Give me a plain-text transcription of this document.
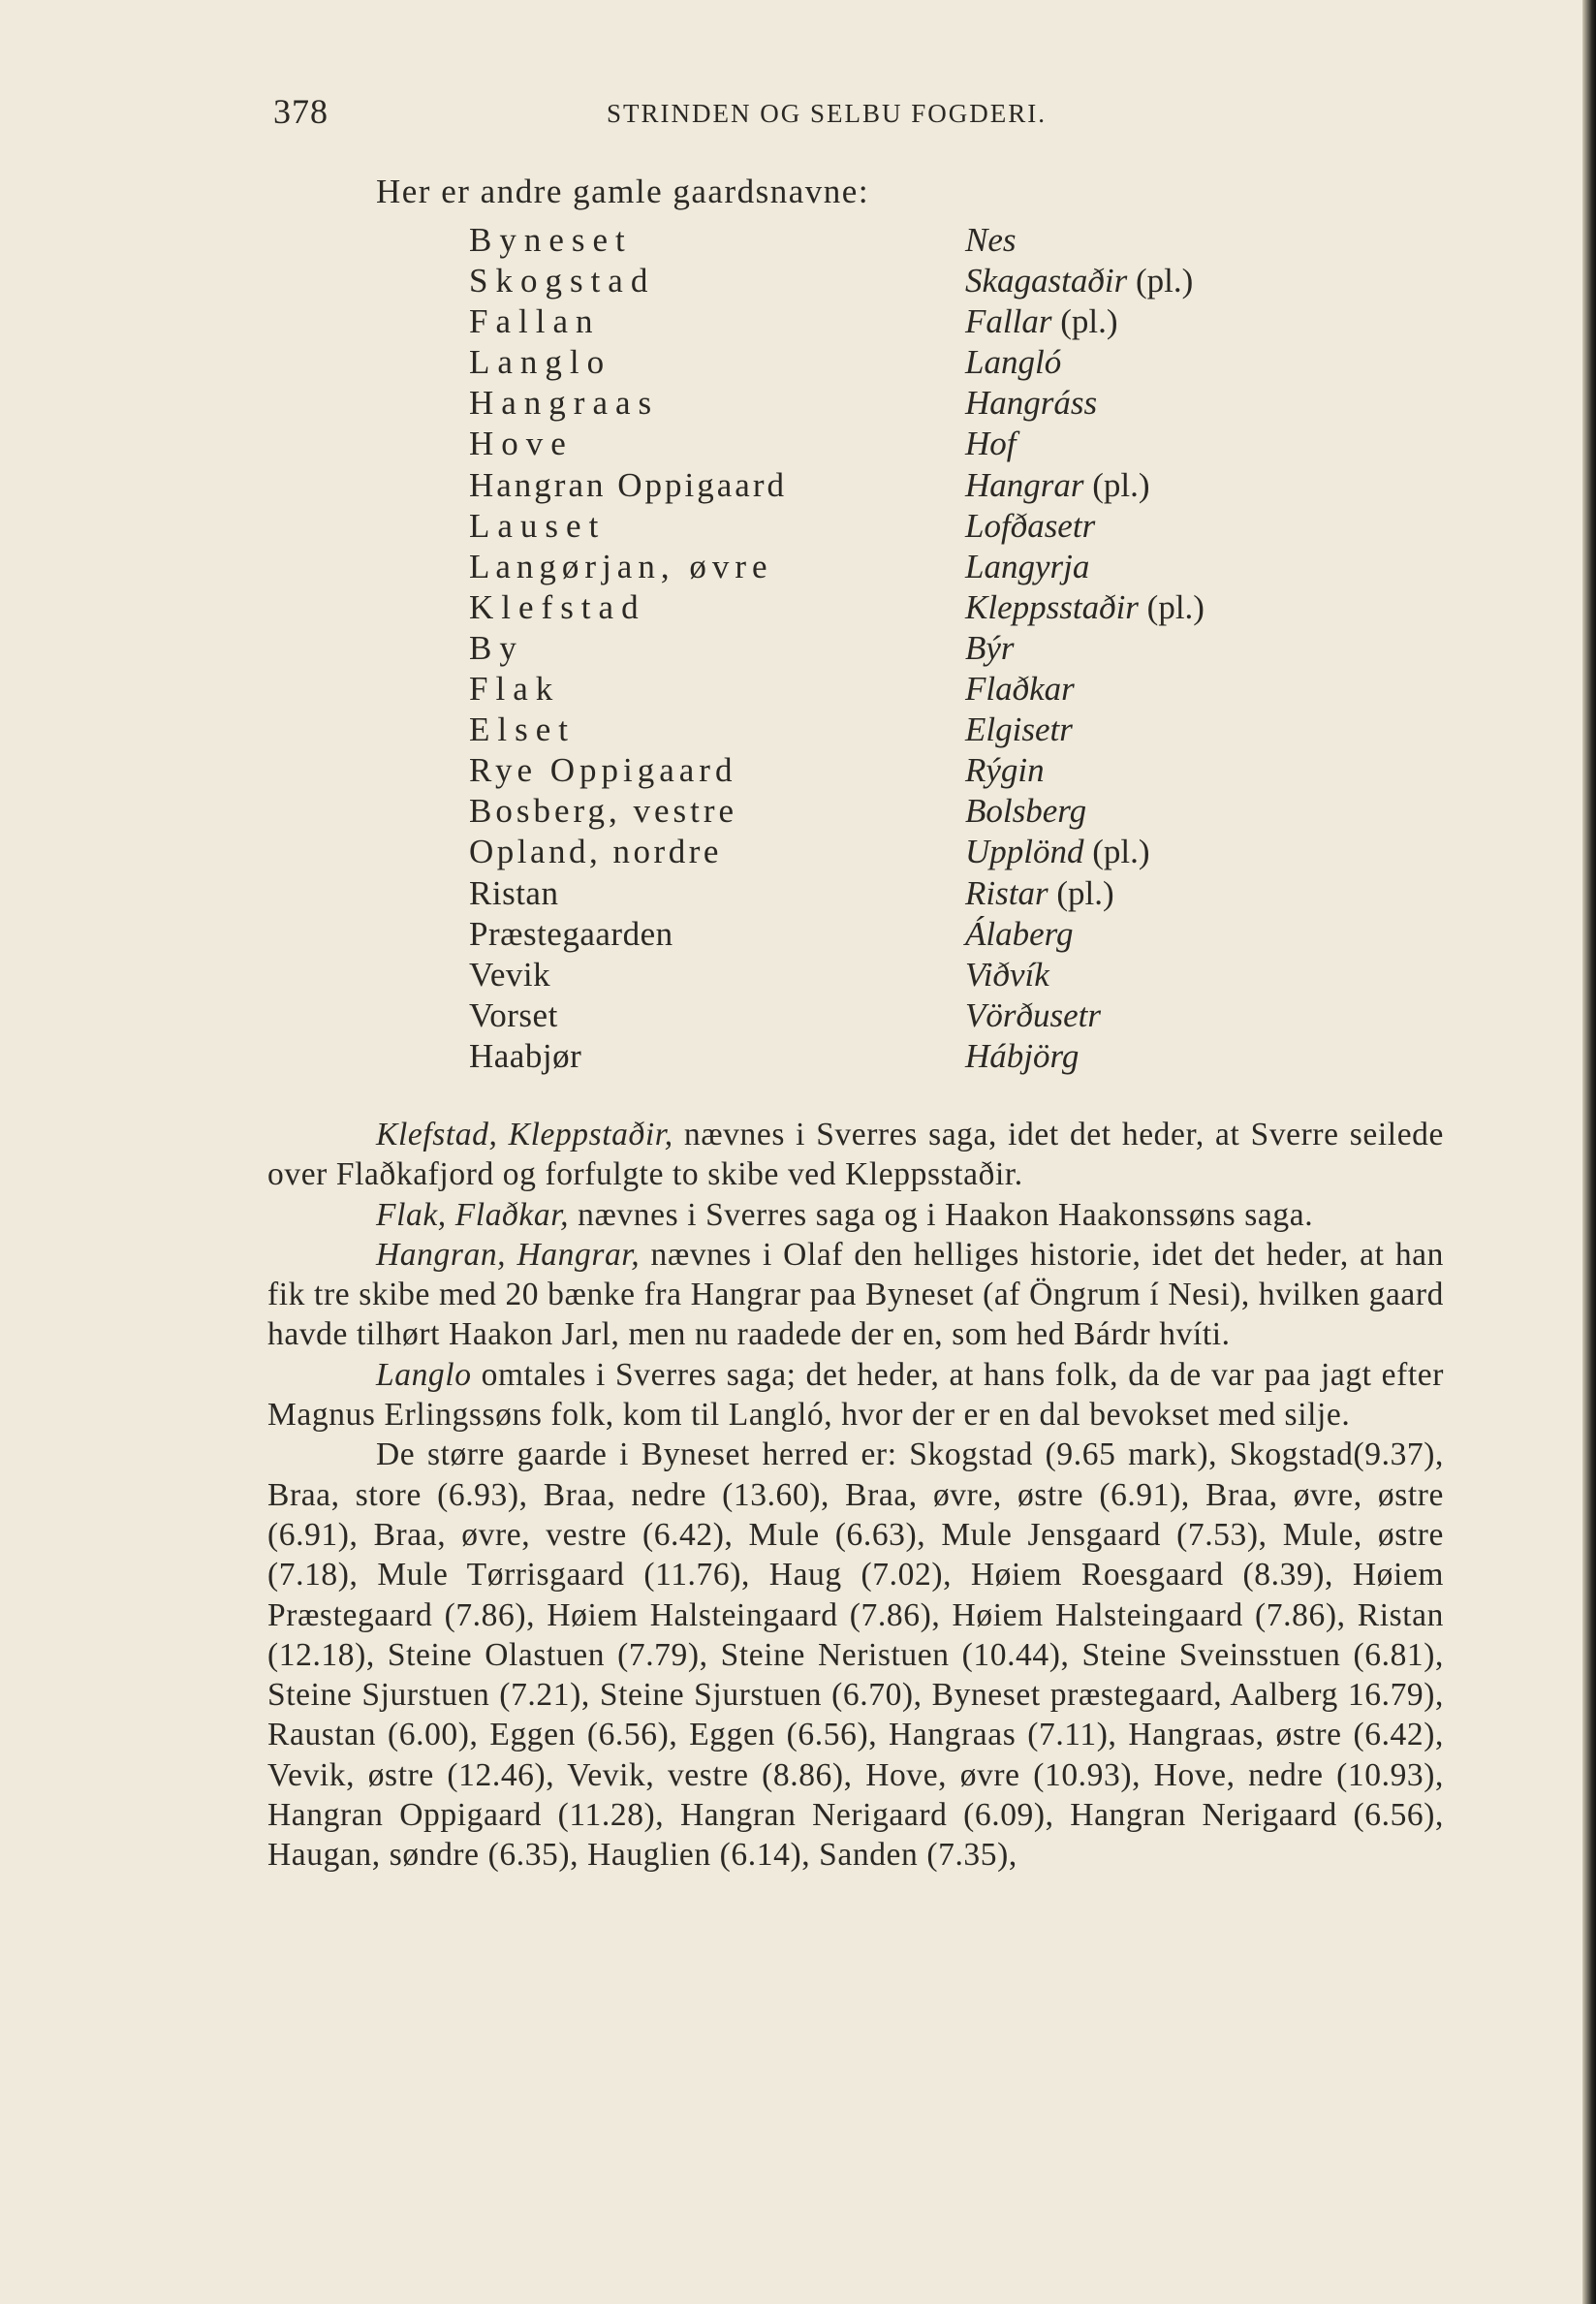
378	STRINDEN OG SELBU FOGDERI.
Her er andre gamle gaardsnavne:
Byneset	Nes
Skogstad	Skagastaðir (pl.)
Fallan	Fallar (pl.)
Langlo	Langló
Hangraas	Hangráss
Hove	Hof
Hangran Oppigaard	Hangrar (pl.)
Lauset	Lofðasetr
Langørjan, øvre	Langyrja
Klefstad	Kleppsstaðir (pl.)
By	Býr
Flak	Flaðkar
Elset	Elgisetr
Rye Oppigaard	Rýgin
Bosberg, vestre	Bolsberg
Opland, nordre	Upplönd (pl.)
Ristan	Ristar (pl.)
Præstegaarden	Álaberg
Vevik	Viðvík
Vorset	Vörðusetr
Haabjør	Hábjörg

Klefstad, Kleppstaðir, nævnes i Sverres saga, idet det heder, at Sverre seilede over Flaðkafjord og forfulgte to skibe ved Kleppsstaðir.

Flak, Flaðkar, nævnes i Sverres saga og i Haakon Haakonssøns saga.

Hangran, Hangrar, nævnes i Olaf den helliges historie, idet det heder, at han fik tre skibe med 20 bænke fra Hangrar paa Byneset (af Öngrum í Nesi), hvilken gaard havde tilhørt Haakon Jarl, men nu raadede der en, som hed Bárdr hvíti.

Langlo omtales i Sverres saga; det heder, at hans folk, da de var paa jagt efter Magnus Erlingssøns folk, kom til Langló, hvor der er en dal bevokset med silje.

De større gaarde i Byneset herred er: Skogstad (9.65 mark), Skogstad(9.37), Braa, store (6.93), Braa, nedre (13.60), Braa, øvre, østre (6.91), Braa, øvre, østre (6.91), Braa, øvre, vestre (6.42), Mule (6.63), Mule Jensgaard (7.53), Mule, østre (7.18), Mule Tørrisgaard (11.76), Haug (7.02), Høiem Roesgaard (8.39), Høiem Præstegaard (7.86), Høiem Halsteingaard (7.86), Høiem Halsteingaard (7.86), Ristan (12.18), Steine Olastuen (7.79), Steine Neristuen (10.44), Steine Sveinsstuen (6.81), Steine Sjurstuen (7.21), Steine Sjurstuen (6.70), Byneset præstegaard, Aalberg 16.79), Raustan (6.00), Eggen (6.56), Eggen (6.56), Hangraas (7.11), Hangraas, østre (6.42), Vevik, østre (12.46), Vevik, vestre (8.86), Hove, øvre (10.93), Hove, nedre (10.93), Hangran Oppigaard (11.28), Hangran Nerigaard (6.09), Hangran Nerigaard (6.56), Haugan, søndre (6.35), Hauglien (6.14), Sanden (7.35),
